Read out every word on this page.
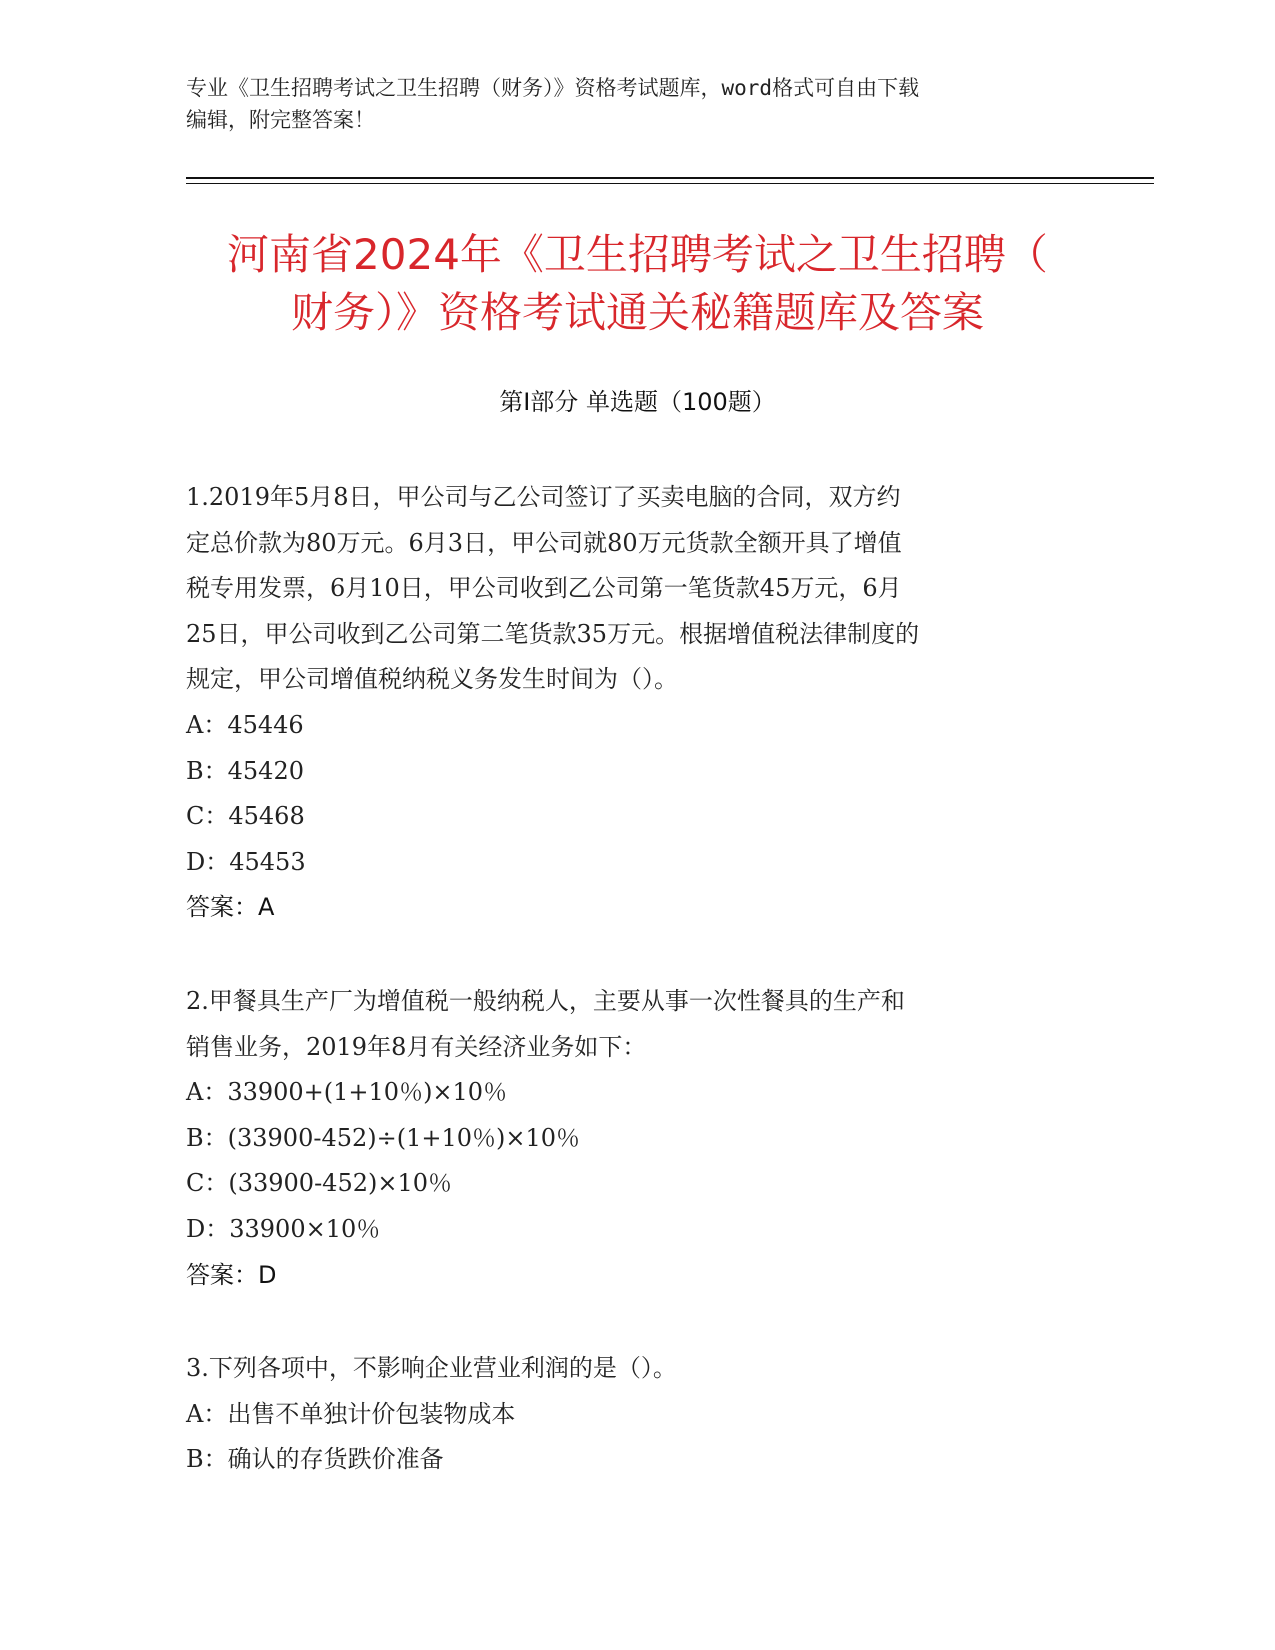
专业《卫生招聘考试之卫生招聘（财务）》资格考试题库，word格式可自由下载
编辑，附完整答案！
河南省2024年《卫生招聘考试之卫生招聘（
财务）》资格考试通关秘籍题库及答案
第Ⅰ部分 单选题（100题）
1.2019年5月8日，甲公司与乙公司签订了买卖电脑的合同，双方约
定总价款为80万元。6月3日，甲公司就80万元货款全额开具了增值
税专用发票，6月10日，甲公司收到乙公司第一笔货款45万元，6月
25日，甲公司收到乙公司第二笔货款35万元。根据增值税法律制度的
规定，甲公司增值税纳税义务发生时间为（）。
A：45446
B：45420
C：45468
D：45453
答案：A
2.甲餐具生产厂为增值税一般纳税人，主要从事一次性餐具的生产和
销售业务，2019年8月有关经济业务如下：
A：33900+(1+10％)×10％
B：(33900-452)÷(1+10％)×10％
C：(33900-452)×10％
D：33900×10％
答案：D
3.下列各项中，不影响企业营业利润的是（）。
A：出售不单独计价包装物成本
B：确认的存货跌价准备
